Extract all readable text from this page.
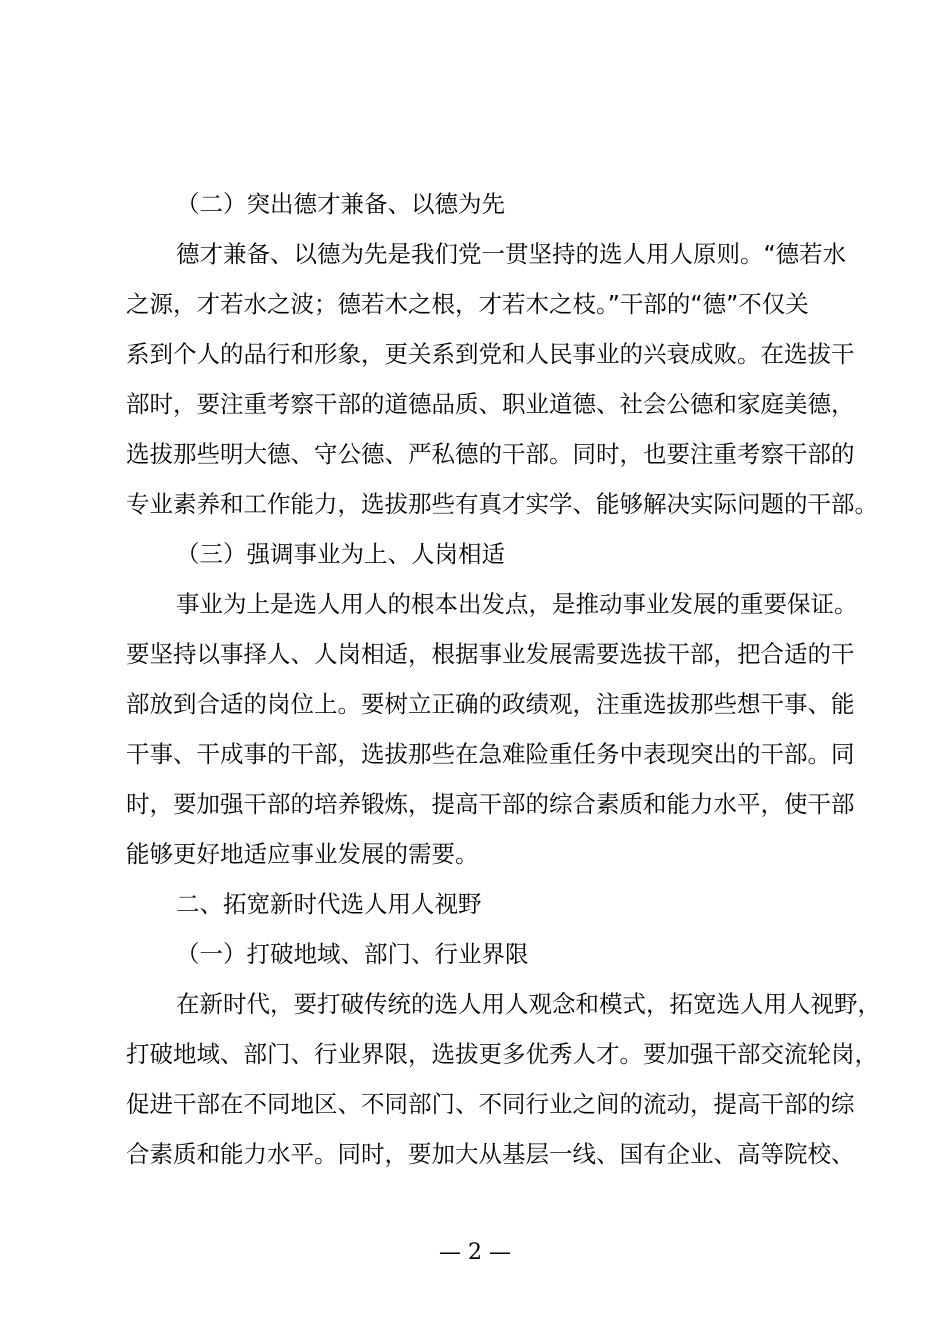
（二）突出德才兼备、以德为先
德才兼备、以德为先是我们党一贯坚持的选人用人原则。“德若水
之源，才若水之波；德若木之根，才若木之枝。”干部的“德”不仅关
系到个人的品行和形象，更关系到党和人民事业的兴衰成败。在选拔干
部时，要注重考察干部的道德品质、职业道德、社会公德和家庭美德，
选拔那些明大德、守公德、严私德的干部。同时，也要注重考察干部的
专业素养和工作能力，选拔那些有真才实学、能够解决实际问题的干部。
（三）强调事业为上、人岗相适
事业为上是选人用人的根本出发点，是推动事业发展的重要保证。
要坚持以事择人、人岗相适，根据事业发展需要选拔干部，把合适的干
部放到合适的岗位上。要树立正确的政绩观，注重选拔那些想干事、能
干事、干成事的干部，选拔那些在急难险重任务中表现突出的干部。同
时，要加强干部的培养锻炼，提高干部的综合素质和能力水平，使干部
能够更好地适应事业发展的需要。
二、拓宽新时代选人用人视野
（一）打破地域、部门、行业界限
在新时代，要打破传统的选人用人观念和模式，拓宽选人用人视野，
打破地域、部门、行业界限，选拔更多优秀人才。要加强干部交流轮岗，
促进干部在不同地区、不同部门、不同行业之间的流动，提高干部的综
合素质和能力水平。同时，要加大从基层一线、国有企业、高等院校、
— 2 —
